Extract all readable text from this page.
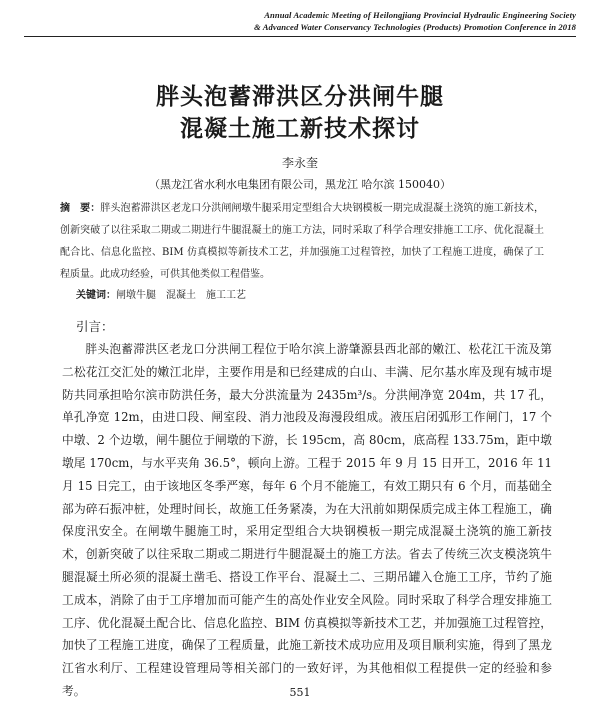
Annual Academic Meeting of Heilongjiang Provincial Hydraulic Engineering Society
& Advanced Water Conservancy Technologies (Products) Promotion Conference in 2018
胖头泡蓄滞洪区分洪闸牛腿
混凝土施工新技术探讨
李永奎
（黑龙江省水利水电集团有限公司，黑龙江 哈尔滨 150040）

摘　要：胖头泡蓄滞洪区老龙口分洪闸闸墩牛腿采用定型组合大块钢模板一期完成混凝土浇筑的施工新技术，创新突破了以往采取二期或二期进行牛腿混凝土的施工方法，同时采取了科学合理安排施工工序、优化混凝土配合比、信息化监控、BIM 仿真模拟等新技术工艺，并加强施工过程管控，加快了工程施工进度，确保了工程质量。此成功经验，可供其他类似工程借鉴。

关键词：闸墩牛腿　混凝土　施工工艺
引言：

胖头泡蓄滞洪区老龙口分洪闸工程位于哈尔滨上游肇源县西北部的嫩江、松花江干流及第二松花江交汇处的嫩江北岸，主要作用是和已经建成的白山、丰满、尼尔基水库及现有城市堤防共同承担哈尔滨市防洪任务，最大分洪流量为 2435m³/s。分洪闸净宽 204m，共 17 孔，单孔净宽 12m，由进口段、闸室段、消力池段及海漫段组成。液压启闭弧形工作闸门，17 个中墩、2 个边墩，闸牛腿位于闸墩的下游，长 195cm，高 80cm，底高程 133.75m，距中墩墩尾 170cm，与水平夹角 36.5°，顿向上游。工程于 2015 年 9 月 15 日开工，2016 年 11 月 15 日完工，由于该地区冬季严寒，每年 6 个月不能施工，有效工期只有 6 个月，而基础全部为碎石振冲桩，处理时间长，故施工任务紧凑，为在大汛前如期保质完成主体工程施工，确保度汛安全。在闸墩牛腿施工时，采用定型组合大块钢模板一期完成混凝土浇筑的施工新技术，创新突破了以往采取二期或二期进行牛腿混凝土的施工方法。省去了传统三次支模浇筑牛腿混凝土所必须的混凝土凿毛、搭设工作平台、混凝土二、三期吊罐入仓施工工序，节约了施工成本，消除了由于工序增加而可能产生的高处作业安全风险。同时采取了科学合理安排施工工序、优化混凝土配合比、信息化监控、BIM 仿真模拟等新技术工艺，并加强施工过程管控，加快了工程施工进度，确保了工程质量，此施工新技术成功应用及项目顺利实施，得到了黑龙江省水利厅、工程建设管理局等相关部门的一致好评，为其他相似工程提供一定的经验和参考。	551
